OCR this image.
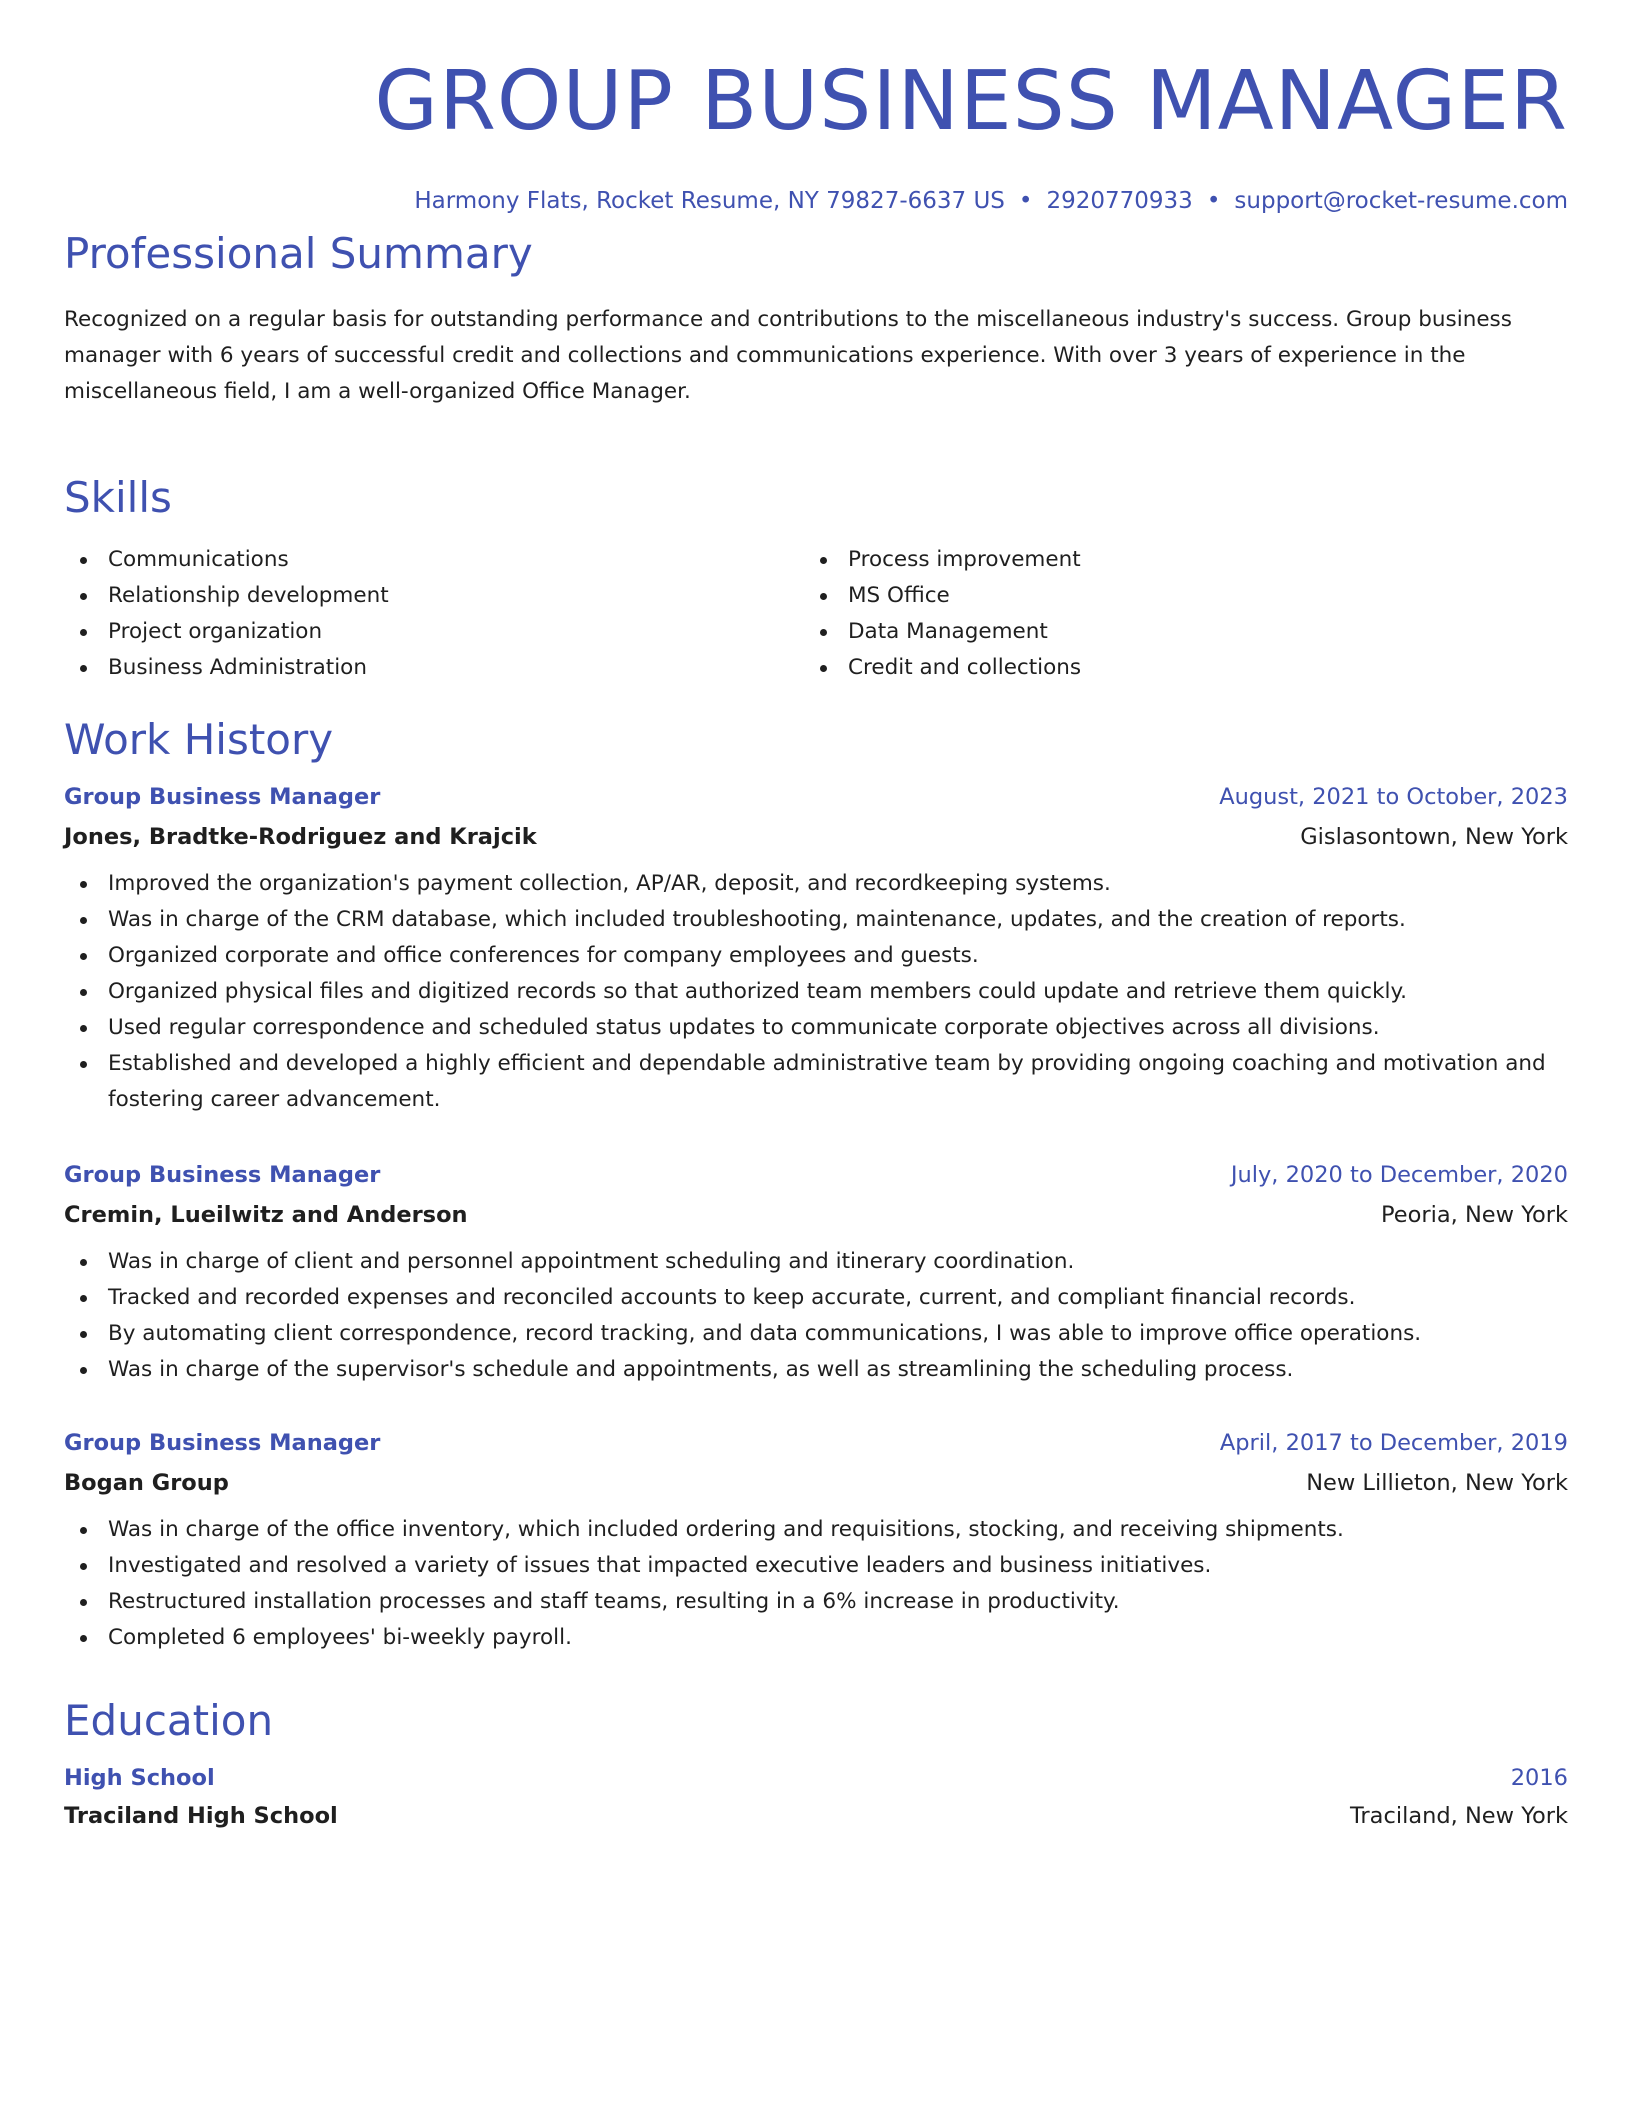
GROUP BUSINESS MANAGER
Harmony Flats, Rocket Resume, NY 79827-6637 US • 2920770933 • support@rocket-resume.com
Professional Summary
Recognized on a regular basis for outstanding performance and contributions to the miscellaneous industry's success. Group business manager with 6 years of successful credit and collections and communications experience. With over 3 years of experience in the miscellaneous field, I am a well-organized Office Manager.
Skills
Communications
Relationship development
Project organization
Business Administration
Process improvement
MS Office
Data Management
Credit and collections
Work History
Group Business Manager	August, 2021 to October, 2023
Jones, Bradtke-Rodriguez and Krajcik	Gislasontown, New York
Improved the organization's payment collection, AP/AR, deposit, and recordkeeping systems.
Was in charge of the CRM database, which included troubleshooting, maintenance, updates, and the creation of reports.
Organized corporate and office conferences for company employees and guests.
Organized physical files and digitized records so that authorized team members could update and retrieve them quickly.
Used regular correspondence and scheduled status updates to communicate corporate objectives across all divisions.
Established and developed a highly efficient and dependable administrative team by providing ongoing coaching and motivation and fostering career advancement.
Group Business Manager	July, 2020 to December, 2020
Cremin, Lueilwitz and Anderson	Peoria, New York
Was in charge of client and personnel appointment scheduling and itinerary coordination.
Tracked and recorded expenses and reconciled accounts to keep accurate, current, and compliant financial records.
By automating client correspondence, record tracking, and data communications, I was able to improve office operations.
Was in charge of the supervisor's schedule and appointments, as well as streamlining the scheduling process.
Group Business Manager	April, 2017 to December, 2019
Bogan Group	New Lillieton, New York
Was in charge of the office inventory, which included ordering and requisitions, stocking, and receiving shipments.
Investigated and resolved a variety of issues that impacted executive leaders and business initiatives.
Restructured installation processes and staff teams, resulting in a 6% increase in productivity.
Completed 6 employees' bi-weekly payroll.
Education
High School	2016
Traciland High School	Traciland, New York
